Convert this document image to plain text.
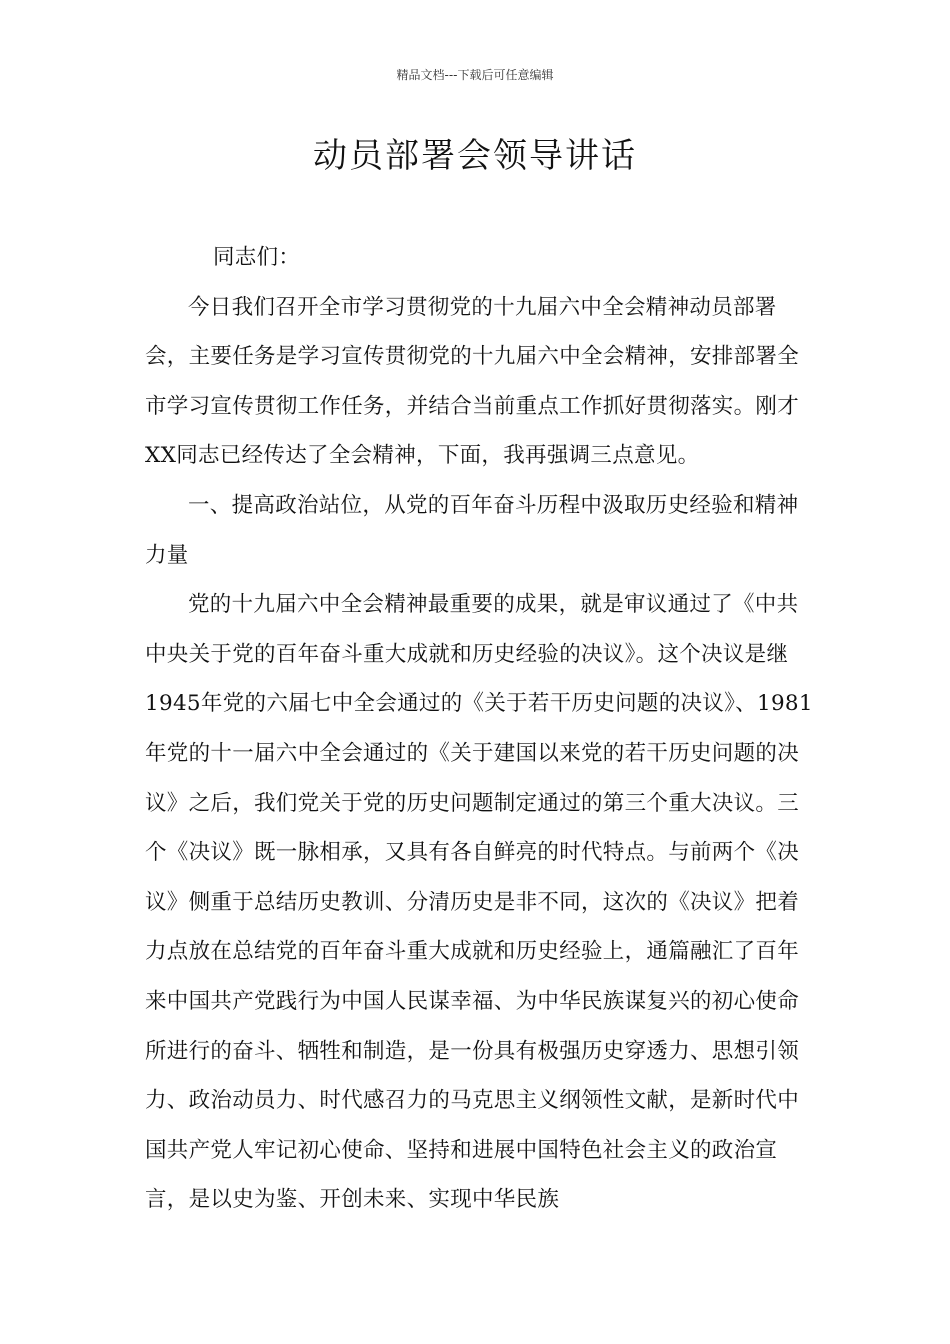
精品文档---下载后可任意编辑
动员部署会领导讲话

同志们：

今日我们召开全市学习贯彻党的十九届六中全会精神动员部署会，主要任务是学习宣传贯彻党的十九届六中全会精神，安排部署全市学习宣传贯彻工作任务，并结合当前重点工作抓好贯彻落实。刚才XX同志已经传达了全会精神，下面，我再强调三点意见。

一、提高政治站位，从党的百年奋斗历程中汲取历史经验和精神力量

党的十九届六中全会精神最重要的成果，就是审议通过了《中共中央关于党的百年奋斗重大成就和历史经验的决议》。这个决议是继1945年党的六届七中全会通过的《关于若干历史问题的决议》、1981年党的十一届六中全会通过的《关于建国以来党的若干历史问题的决议》之后，我们党关于党的历史问题制定通过的第三个重大决议。三个《决议》既一脉相承，又具有各自鲜亮的时代特点。与前两个《决议》侧重于总结历史教训、分清历史是非不同，这次的《决议》把着力点放在总结党的百年奋斗重大成就和历史经验上，通篇融汇了百年来中国共产党践行为中国人民谋幸福、为中华民族谋复兴的初心使命所进行的奋斗、牺牲和制造，是一份具有极强历史穿透力、思想引领力、政治动员力、时代感召力的马克思主义纲领性文献，是新时代中国共产党人牢记初心使命、坚持和进展中国特色社会主义的政治宣言，是以史为鉴、开创未来、实现中华民族
